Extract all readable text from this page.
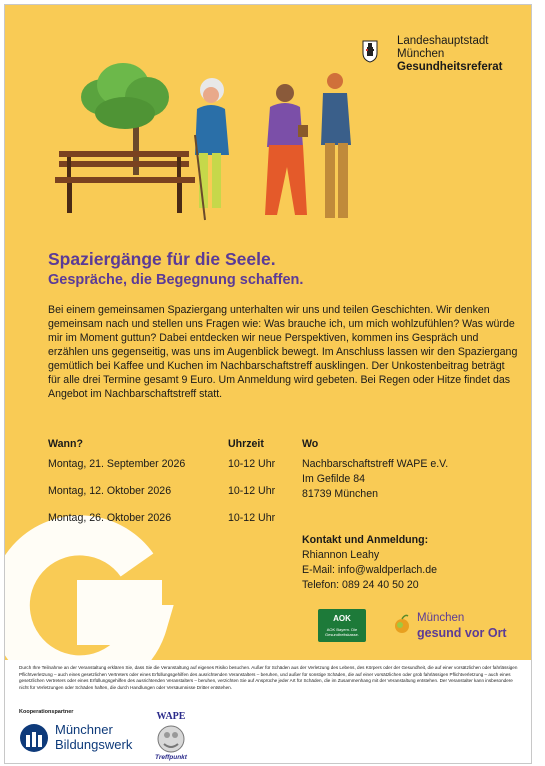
Landeshauptstadt
München
Gesundheitsreferat
Spaziergänge für die Seele.
Gespräche, die Begegnung schaffen.

Bei einem gemeinsamen Spaziergang unterhalten wir uns und teilen Geschichten. Wir denken gemeinsam nach und stellen uns Fragen wie: Was brauche ich, um mich wohlzufühlen? Was würde mir im Moment guttun? Dabei entdecken wir neue Perspektiven, kommen ins Gespräch und erzählen uns gegenseitig, was uns im Augenblick bewegt. Im Anschluss lassen wir den Spaziergang gemütlich bei Kaffee und Kuchen im Nachbarschaftstreff ausklingen. Der Unkostenbeitrag beträgt für alle drei Termine gesamt 9 Euro. Um Anmeldung wird gebeten. Bei Regen oder Hitze findet das Angebot im Nachbarschaftstreff statt.

Wann?	Uhrzeit	Wo
Montag, 21. September 2026	10-12 Uhr
Montag, 12. Oktober 2026	10-12 Uhr
Montag, 26. Oktober 2026	10-12 Uhr
Nachbarschaftstreff WAPE e.V.
Im Gefilde 84
81739 München
Kontakt und Anmeldung:
Rhiannon Leahy
E-Mail: info@waldperlach.de
Telefon: 089 24 40 50 20
AOK
AOK Bayern. Die Gesundheitskasse.
München
gesund vor Ort

Durch Ihre Teilnahme an der Veranstaltung erklären Sie, dass Sie die Veranstaltung auf eigenes Risiko besuchen. Außer für Schäden aus der Verletzung des Lebens, des Körpers oder der Gesundheit, die auf einer vorsätzlichen oder fahrlässigen Pflichtverletzung – auch eines gesetzlichen Vertreters oder eines Erfüllungsgehilfen des ausrichtenden Veranstalters – beruhen, und außer für sonstige Schäden, die auf einer vorsätzlichen oder grob fahrlässigen Pflichtverletzung – auch eines gesetzlichen Vertreters oder eines Erfüllungsgehilfen des ausrichtenden Veranstalters – beruhen, verzichten Sie auf Ansprüche jeder Art für Schäden, die im Zusammenhang mit der Veranstaltung entstehen. Der Veranstalter kann insbesondere nicht für Verletzungen oder Schäden haften, die durch Handlungen oder Versäumnisse Dritter entstehen.

Kooperationspartner
Münchner
Bildungswerk
WAPE
Treffpunkt
